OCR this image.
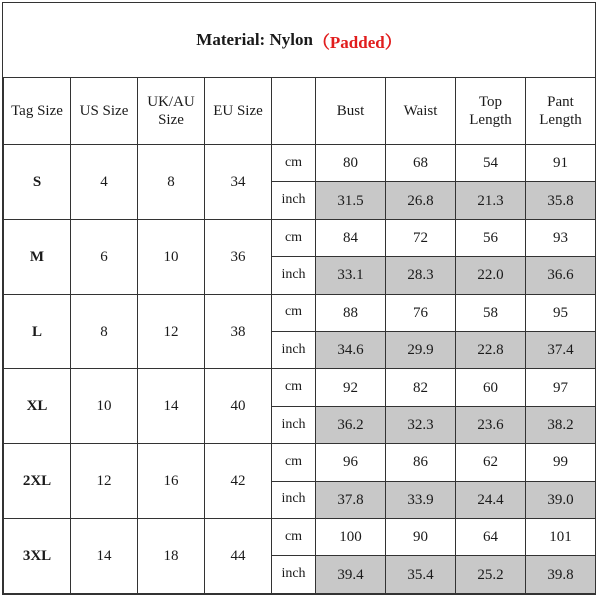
Material: Nylon （Padded）
Tag Size	US Size	UK/AU Size	EU Size		Bust	Waist	Top Length	Pant Length
S	4	8	34	cm	80	68	54	91
				inch	31.5	26.8	21.3	35.8
M	6	10	36	cm	84	72	56	93
				inch	33.1	28.3	22.0	36.6
L	8	12	38	cm	88	76	58	95
				inch	34.6	29.9	22.8	37.4
XL	10	14	40	cm	92	82	60	97
				inch	36.2	32.3	23.6	38.2
2XL	12	16	42	cm	96	86	62	99
				inch	37.8	33.9	24.4	39.0
3XL	14	18	44	cm	100	90	64	101
				inch	39.4	35.4	25.2	39.8
